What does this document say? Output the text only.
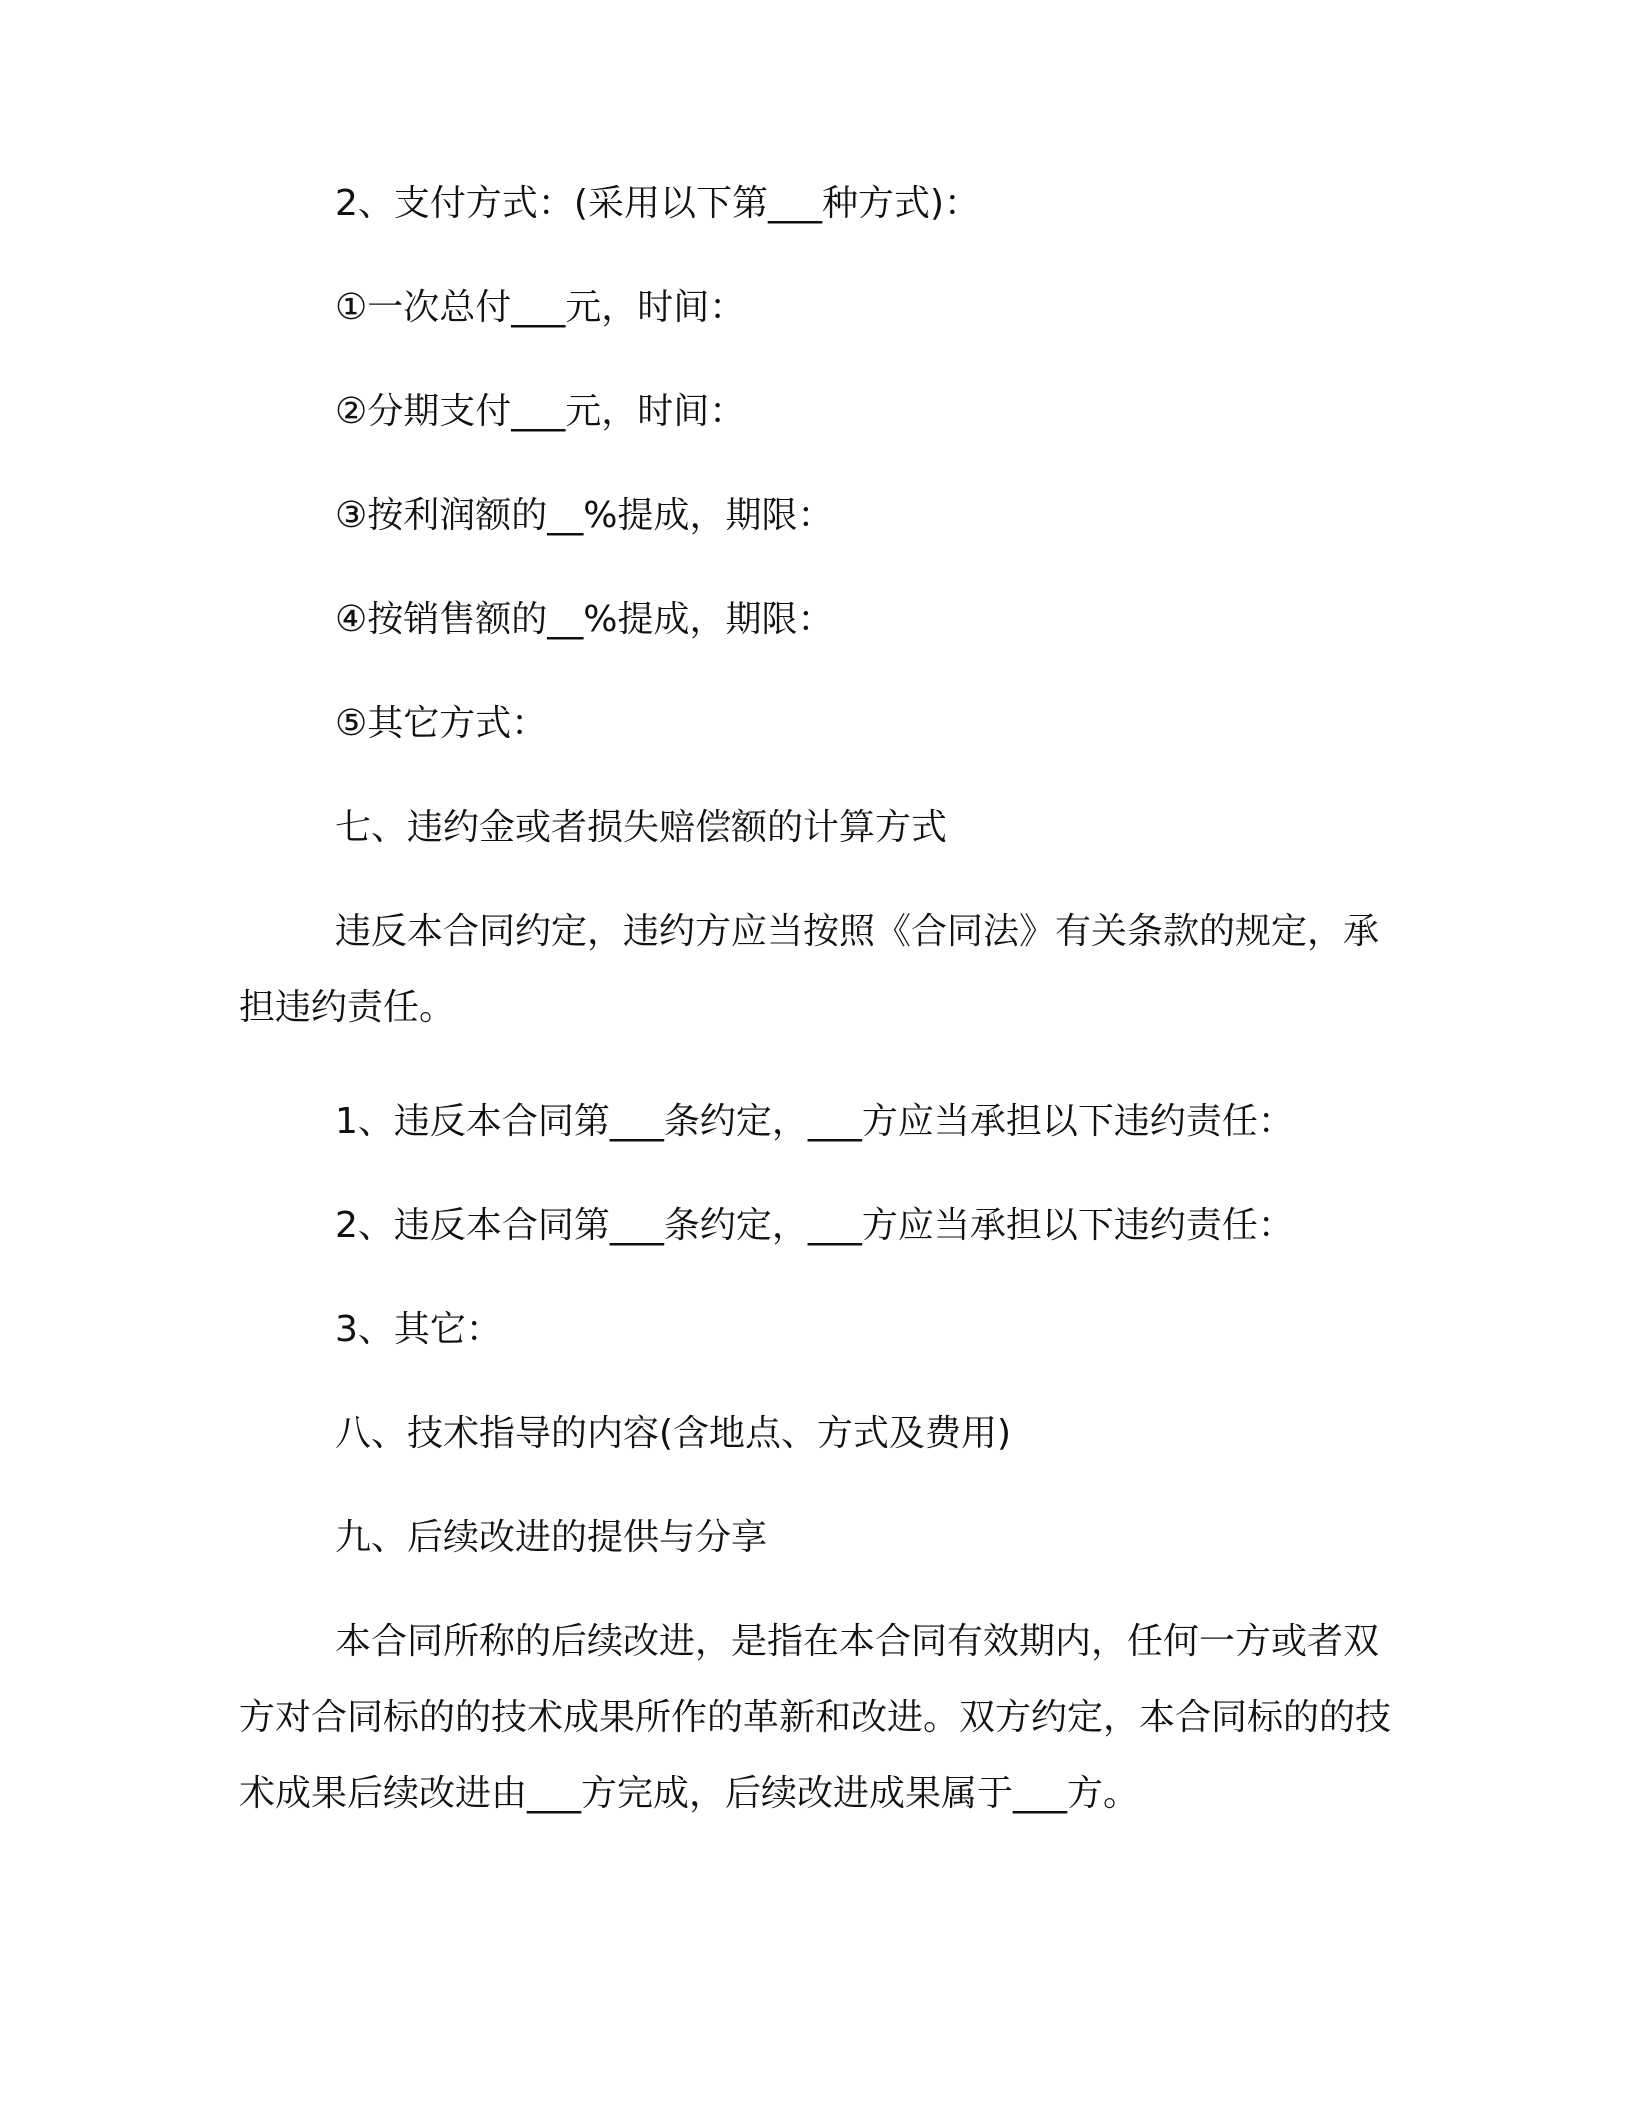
2、支付方式：(采用以下第___种方式)：

①一次总付___元，时间：

②分期支付___元，时间：

③按利润额的__%提成，期限：

④按销售额的__%提成，期限：

⑤其它方式：

七、违约金或者损失赔偿额的计算方式

违反本合同约定，违约方应当按照《合同法》有关条款的规定，承担违约责任。

1、违反本合同第___条约定，___方应当承担以下违约责任：

2、违反本合同第___条约定，___方应当承担以下违约责任：

3、其它：

八、技术指导的内容(含地点、方式及费用)

九、后续改进的提供与分享

本合同所称的后续改进，是指在本合同有效期内，任何一方或者双方对合同标的的技术成果所作的革新和改进。双方约定，本合同标的的技术成果后续改进由___方完成，后续改进成果属于___方。
